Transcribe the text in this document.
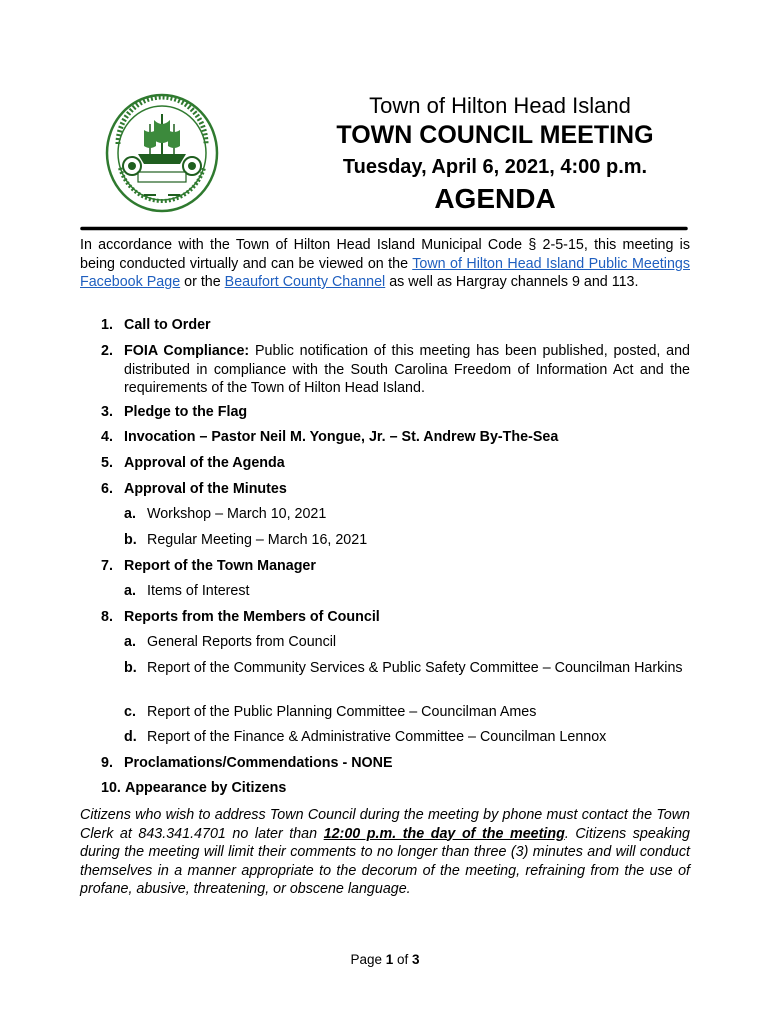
Town of Hilton Head Island
TOWN COUNCIL MEETING
Tuesday, April 6, 2021, 4:00 p.m.
AGENDA
In accordance with the Town of Hilton Head Island Municipal Code § 2-5-15, this meeting is being conducted virtually and can be viewed on the Town of Hilton Head Island Public Meetings Facebook Page or the Beaufort County Channel as well as Hargray channels 9 and 113.
1. Call to Order
2. FOIA Compliance: Public notification of this meeting has been published, posted, and distributed in compliance with the South Carolina Freedom of Information Act and the requirements of the Town of Hilton Head Island.
3. Pledge to the Flag
4. Invocation – Pastor Neil M. Yongue, Jr. – St. Andrew By-The-Sea
5. Approval of the Agenda
6. Approval of the Minutes
a. Workshop – March 10, 2021
b. Regular Meeting – March 16, 2021
7. Report of the Town Manager
a. Items of Interest
8. Reports from the Members of Council
a. General Reports from Council
b. Report of the Community Services & Public Safety Committee – Councilman Harkins
c. Report of the Public Planning Committee – Councilman Ames
d. Report of the Finance & Administrative Committee – Councilman Lennox
9. Proclamations/Commendations - NONE
10. Appearance by Citizens
Citizens who wish to address Town Council during the meeting by phone must contact the Town Clerk at 843.341.4701 no later than 12:00 p.m. the day of the meeting. Citizens speaking during the meeting will limit their comments to no longer than three (3) minutes and will conduct themselves in a manner appropriate to the decorum of the meeting, refraining from the use of profane, abusive, threatening, or obscene language.
Page 1 of 3
